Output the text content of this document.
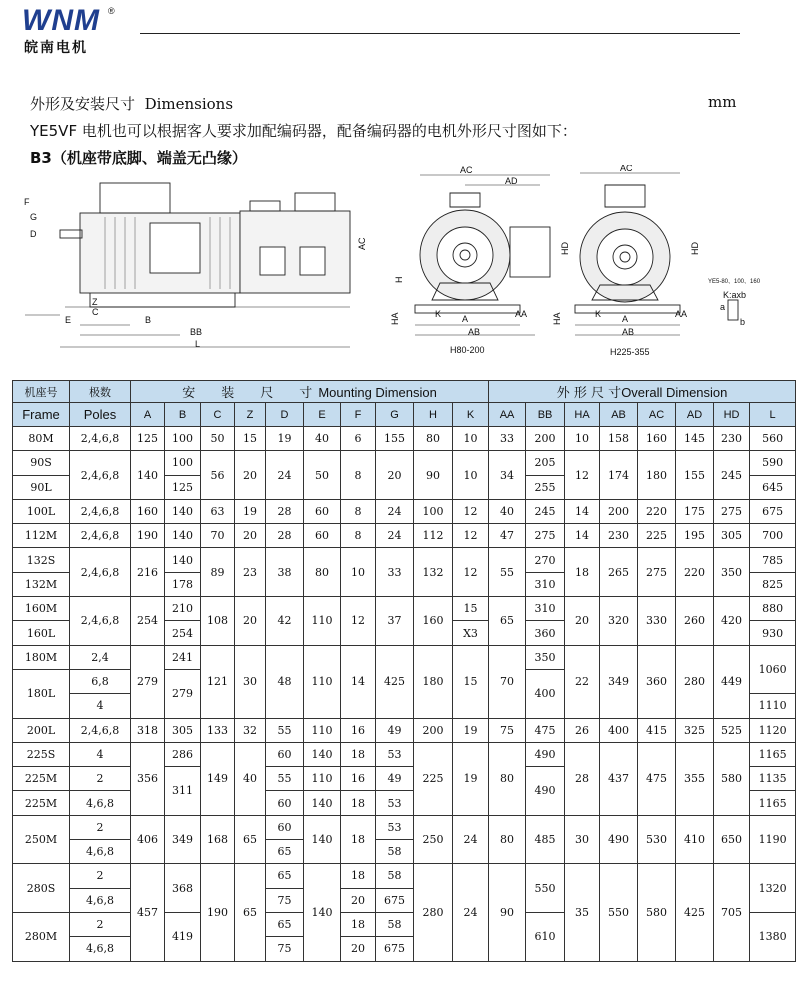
WNM ®
皖南电机
外形及安装尺寸 Dimensions	mm
YE5VF 电机也可以根据客人要求加配编码器，配备编码器的电机外形尺寸图如下：
B3（机座带底脚、端盖无凸缘）
F
D
G
E
C
Z
B
BB
L
AC
AC
AD
HD
H
K A
AB
AA
HA
H80-200
AC
HD
K A
AB
AA
HA
H225-355
YE5-80、100、160
K:axb
a
b
机座号	极数	安　　装　　尺　　寸 Mounting Dimension										外 形 尺 寸Overall Dimension							
Frame	Poles	A	B	C	Z	D	E	F	G	H	K	AA	BB	HA	AB	AC	AD	HD	L
80M	2,4,6,8	125	100	50	15	19	40	6	155	80	10	33	200	10	158	160	145	230	560
90S	2,4,6,8	140	100	56	20	24	50	8	20	90	10	34	205	12	174	180	155	245	590
90L			125										255						645
100L	2,4,6,8	160	140	63	19	28	60	8	24	100	12	40	245	14	200	220	175	275	675
112M	2,4,6,8	190	140	70	20	28	60	8	24	112	12	47	275	14	230	225	195	305	700
132S	2,4,6,8	216	140	89	23	38	80	10	33	132	12	55	270	18	265	275	220	350	785
132M			178										310						825
160M	2,4,6,8	254	210	108	20	42	110	12	37	160	15	65	310	20	320	330	260	420	880
160L			254								X3		360						930
180M	2,4	279	241	121	30	48	110	14	425	180	15	70	350	22	349	360	280	449	1060
180L	6,8		279										400						
	4																		1110
200L	2,4,6,8	318	305	133	32	55	110	16	49	200	19	75	475	26	400	415	325	525	1120
225S	4	356	286	149	40	60	140	18	53	225	19	80	490	28	437	475	355	580	1165
225M	2		311			55	110	16	49				490						1135
225M	4,6,8					60	140	18	53										1165
250M	2	406	349	168	65	60	140	18	53	250	24	80	485	30	490	530	410	650	1190
	4,6,8					65			58										
280S	2	457	368	190	65	65	140	18	58	280	24	90	550	35	550	580	425	705	1320
	4,6,8					75		20	675										
280M	2		419			65		18	58				610						1380
	4,6,8					75		20	675										
